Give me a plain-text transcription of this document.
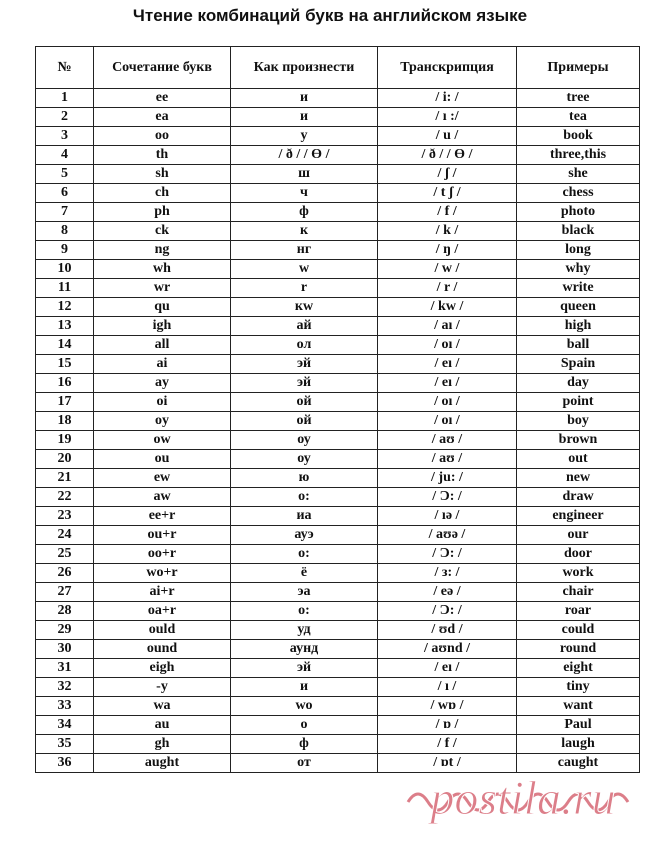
Чтение комбинаций букв на английском языке
№	Сочетание букв	Как произнести	Транскрипция	Примеры
1	ee	и	/ i: /	tree
2	ea	и	/ ı :/	tea
3	oo	у	/ u /	book
4	th	/ ð / / Ө /	/ ð / / Ө /	three,this
5	sh	ш	/ ʃ /	she
6	ch	ч	/ t ʃ /	chess
7	ph	ф	/ f /	photo
8	ck	к	/ k /	black
9	ng	нг	/ ŋ /	long
10	wh	w	/ w /	why
11	wr	r	/ r /	write
12	qu	кw	/ kw /	queen
13	igh	ай	/ aı /	high
14	all	ол	/ oı /	ball
15	ai	эй	/ eı /	Spain
16	ay	эй	/ eı /	day
17	oi	ой	/ oı /	point
18	oy	ой	/ oı /	boy
19	ow	оу	/ aʊ /	brown
20	ou	оу	/ aʊ /	out
21	ew	ю	/ ju: /	new
22	aw	о:	/ Ɔ: /	draw
23	ee+r	иа	/ ıə /	engineer
24	ou+r	ауэ	/ aʊə /	our
25	oo+r	о:	/ Ɔ: /	door
26	wo+r	ё	/ з: /	work
27	ai+r	эа	/ eə /	chair
28	oa+r	о:	/ Ɔ: /	roar
29	ould	уд	/ ʊd /	could
30	ound	аунд	/ aʊnd /	round
31	eigh	эй	/ eı /	eight
32	-y	и	/ ı /	tiny
33	wa	wo	/ wɒ /	want
34	au	о	/ ɒ /	Paul
35	gh	ф	/ f /	laugh
36	aught	от	/ ɒt /	caught
postila.ru
